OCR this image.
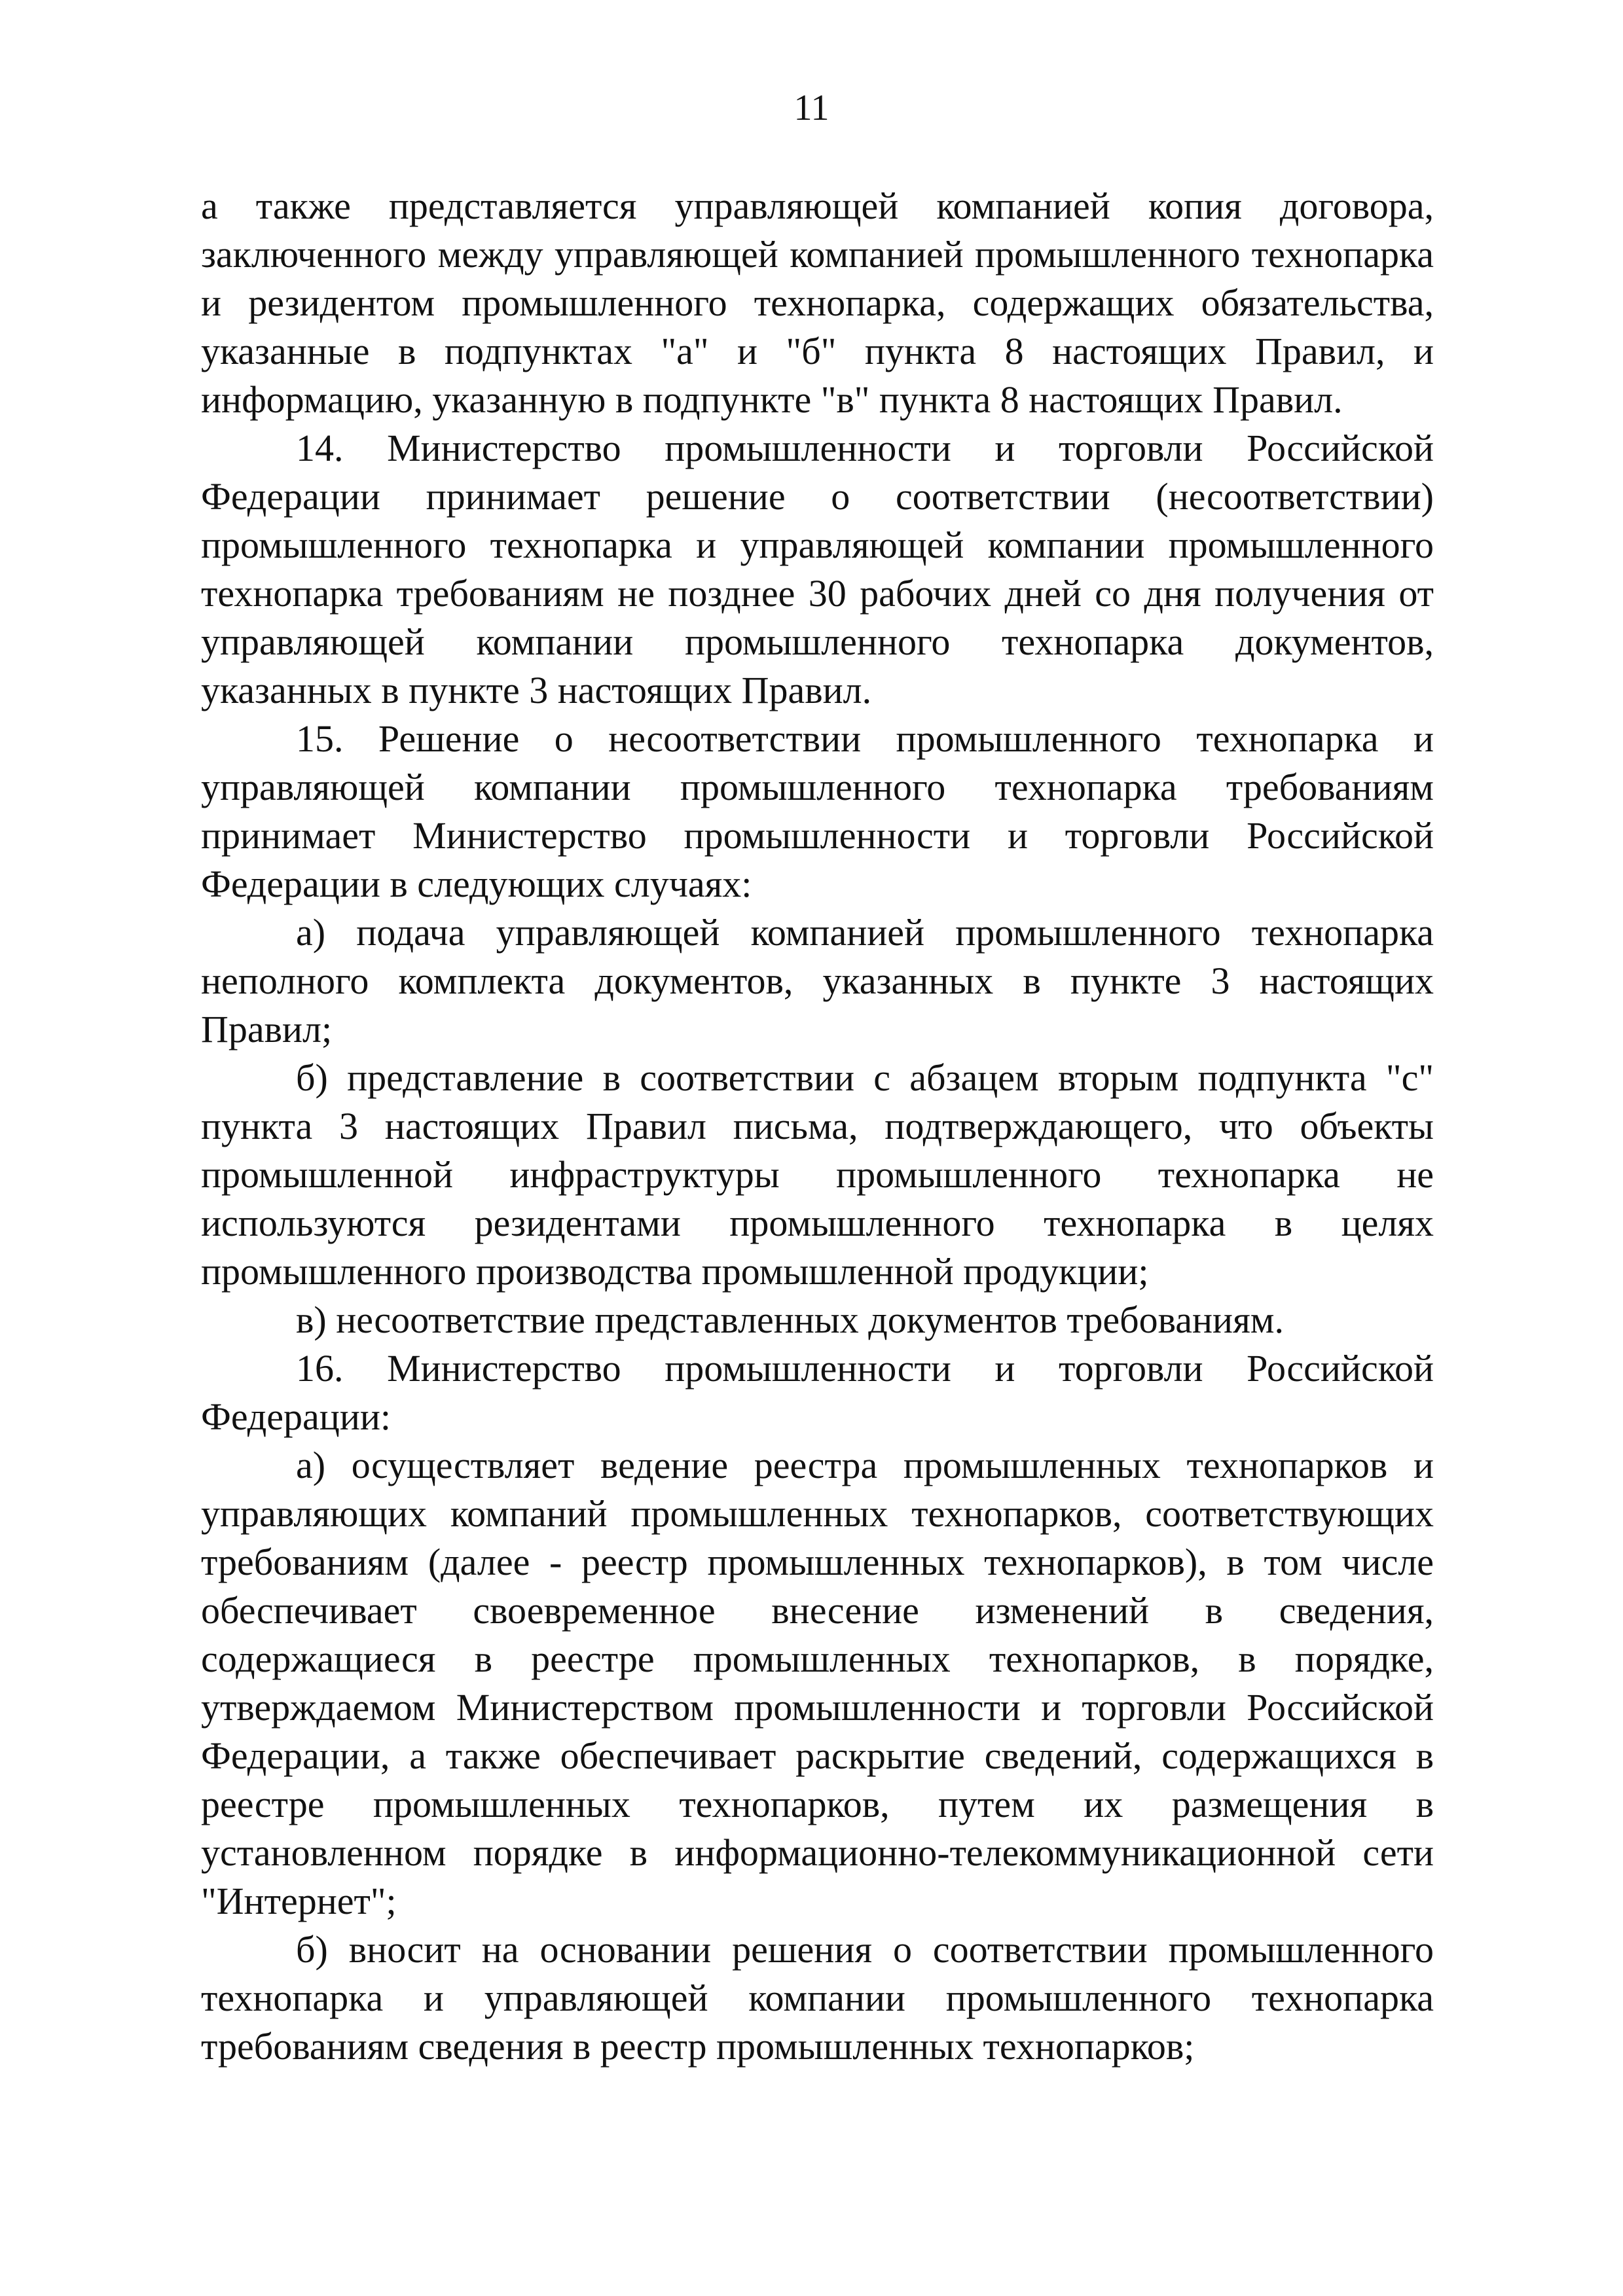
11

а также представляется управляющей компанией копия договора, заключенного между управляющей компанией промышленного технопарка и резидентом промышленного технопарка, содержащих обязательства, указанные в подпунктах "а" и "б" пункта 8 настоящих Правил, и информацию, указанную в подпункте "в" пункта 8 настоящих Правил.

14. Министерство промышленности и торговли Российской Федерации принимает решение о соответствии (несоответствии) промышленного технопарка и управляющей компании промышленного технопарка требованиям не позднее 30 рабочих дней со дня получения от управляющей компании промышленного технопарка документов, указанных в пункте 3 настоящих Правил.

15. Решение о несоответствии промышленного технопарка и управляющей компании промышленного технопарка требованиям принимает Министерство промышленности и торговли Российской Федерации в следующих случаях:

а) подача управляющей компанией промышленного технопарка неполного комплекта документов, указанных в пункте 3 настоящих Правил;

б) представление в соответствии с абзацем вторым подпункта "с" пункта 3 настоящих Правил письма, подтверждающего, что объекты промышленной инфраструктуры промышленного технопарка не используются резидентами промышленного технопарка в целях промышленного производства промышленной продукции;

в) несоответствие представленных документов требованиям.

16. Министерство промышленности и торговли Российской Федерации:

а) осуществляет ведение реестра промышленных технопарков и управляющих компаний промышленных технопарков, соответствующих требованиям (далее - реестр промышленных технопарков), в том числе обеспечивает своевременное внесение изменений в сведения, содержащиеся в реестре промышленных технопарков, в порядке, утверждаемом Министерством промышленности и торговли Российской Федерации, а также обеспечивает раскрытие сведений, содержащихся в реестре промышленных технопарков, путем их размещения в установленном порядке в информационно-телекоммуникационной сети "Интернет";

б) вносит на основании решения о соответствии промышленного технопарка и управляющей компании промышленного технопарка требованиям сведения в реестр промышленных технопарков;
